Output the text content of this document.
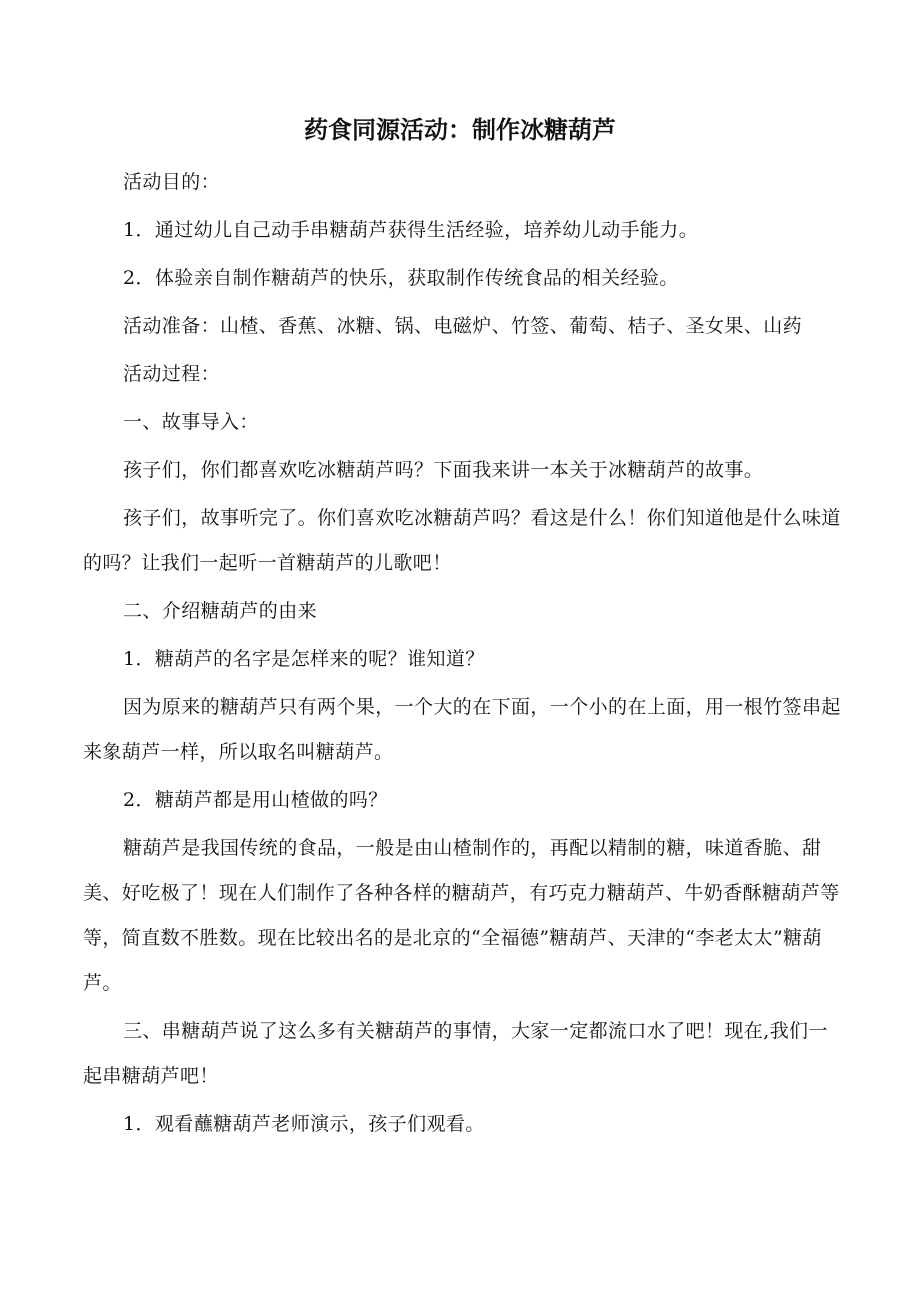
药食同源活动：制作冰糖葫芦

活动目的：

1．通过幼儿自己动手串糖葫芦获得生活经验，培养幼儿动手能力。

2．体验亲自制作糖葫芦的快乐，获取制作传统食品的相关经验。

活动准备：山楂、香蕉、冰糖、锅、电磁炉、竹签、葡萄、桔子、圣女果、山药

活动过程：

一、故事导入：

孩子们，你们都喜欢吃冰糖葫芦吗？下面我来讲一本关于冰糖葫芦的故事。

孩子们，故事听完了。你们喜欢吃冰糖葫芦吗？看这是什么！你们知道他是什么味道的吗？让我们一起听一首糖葫芦的儿歌吧！

二、介绍糖葫芦的由来

1．糖葫芦的名字是怎样来的呢？谁知道？

因为原来的糖葫芦只有两个果，一个大的在下面，一个小的在上面，用一根竹签串起来象葫芦一样，所以取名叫糖葫芦。

2．糖葫芦都是用山楂做的吗？

糖葫芦是我国传统的食品，一般是由山楂制作的，再配以精制的糖，味道香脆、甜美、好吃极了！现在人们制作了各种各样的糖葫芦，有巧克力糖葫芦、牛奶香酥糖葫芦等等，简直数不胜数。现在比较出名的是北京的“全福德”糖葫芦、天津的“李老太太”糖葫芦。

三、串糖葫芦说了这么多有关糖葫芦的事情，大家一定都流口水了吧！现在,我们一起串糖葫芦吧！

1．观看蘸糖葫芦老师演示，孩子们观看。
